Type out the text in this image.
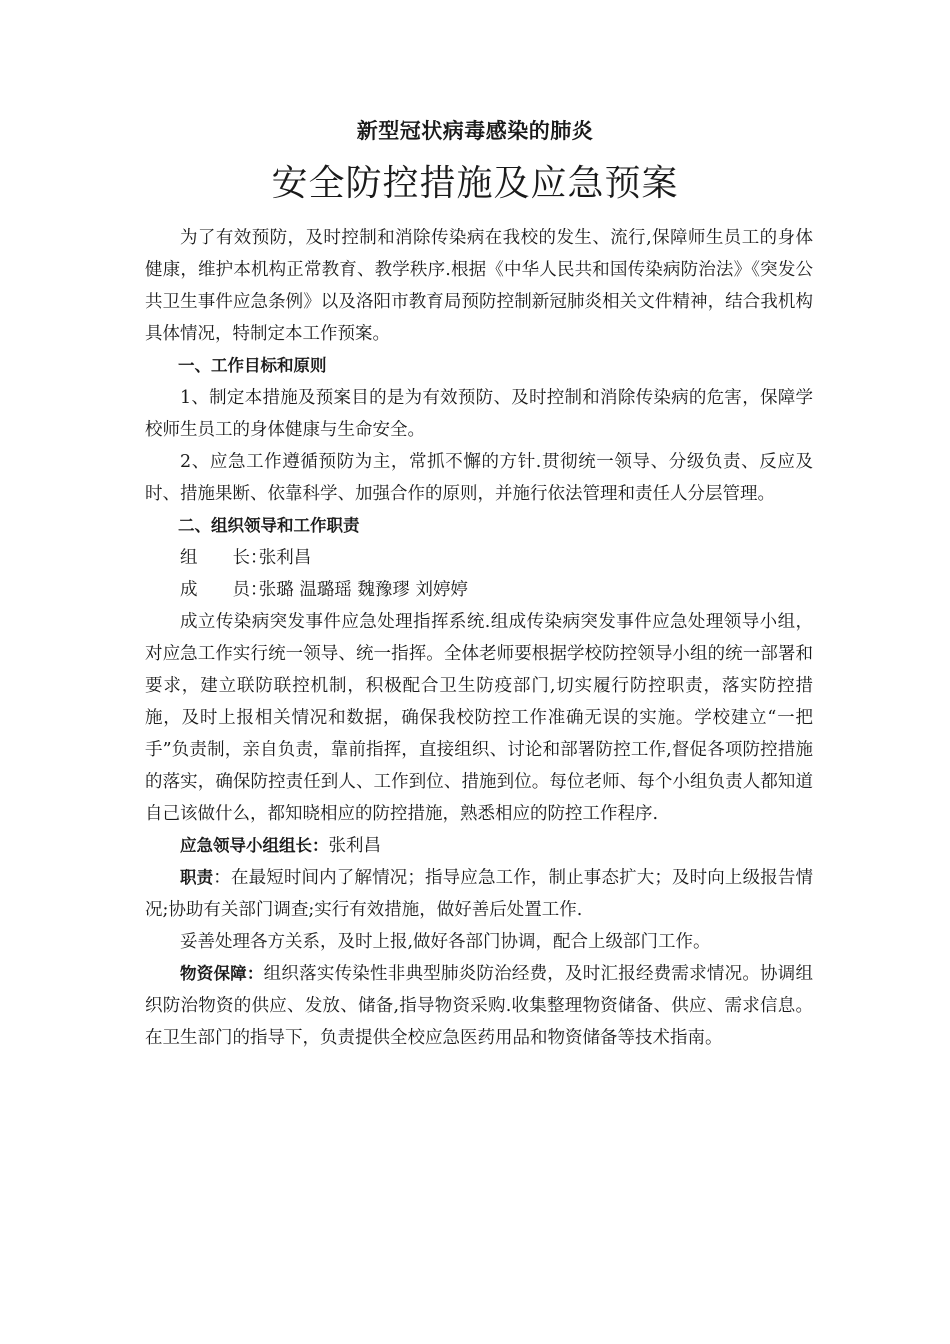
新型冠状病毒感染的肺炎
安全防控措施及应急预案

为了有效预防，及时控制和消除传染病在我校的发生、流行,保障师生员工的身体健康，维护本机构正常教育、教学秩序.根据《中华人民共和国传染病防治法》《突发公共卫生事件应急条例》以及洛阳市教育局预防控制新冠肺炎相关文件精神，结合我机构具体情况，特制定本工作预案。

一、工作目标和原则

1、制定本措施及预案目的是为有效预防、及时控制和消除传染病的危害，保障学校师生员工的身体健康与生命安全。

2、应急工作遵循预防为主，常抓不懈的方针.贯彻统一领导、分级负责、反应及时、措施果断、依靠科学、加强合作的原则，并施行依法管理和责任人分层管理。

二、组织领导和工作职责

组　　长：张利昌

成　　员：张璐 温璐瑶 魏豫璆 刘婷婷

成立传染病突发事件应急处理指挥系统.组成传染病突发事件应急处理领导小组，对应急工作实行统一领导、统一指挥。全体老师要根据学校防控领导小组的统一部署和要求，建立联防联控机制，积极配合卫生防疫部门,切实履行防控职责，落实防控措施，及时上报相关情况和数据，确保我校防控工作准确无误的实施。学校建立“一把手”负责制，亲自负责，靠前指挥，直接组织、讨论和部署防控工作,督促各项防控措施的落实，确保防控责任到人、工作到位、措施到位。每位老师、每个小组负责人都知道自己该做什么，都知晓相应的防控措施，熟悉相应的防控工作程序.

应急领导小组组长：张利昌

职责：在最短时间内了解情况；指导应急工作，制止事态扩大；及时向上级报告情况;协助有关部门调查;实行有效措施，做好善后处置工作.

妥善处理各方关系，及时上报,做好各部门协调，配合上级部门工作。

物资保障：组织落实传染性非典型肺炎防治经费，及时汇报经费需求情况。协调组织防治物资的供应、发放、储备,指导物资采购.收集整理物资储备、供应、需求信息。在卫生部门的指导下，负责提供全校应急医药用品和物资储备等技术指南。
